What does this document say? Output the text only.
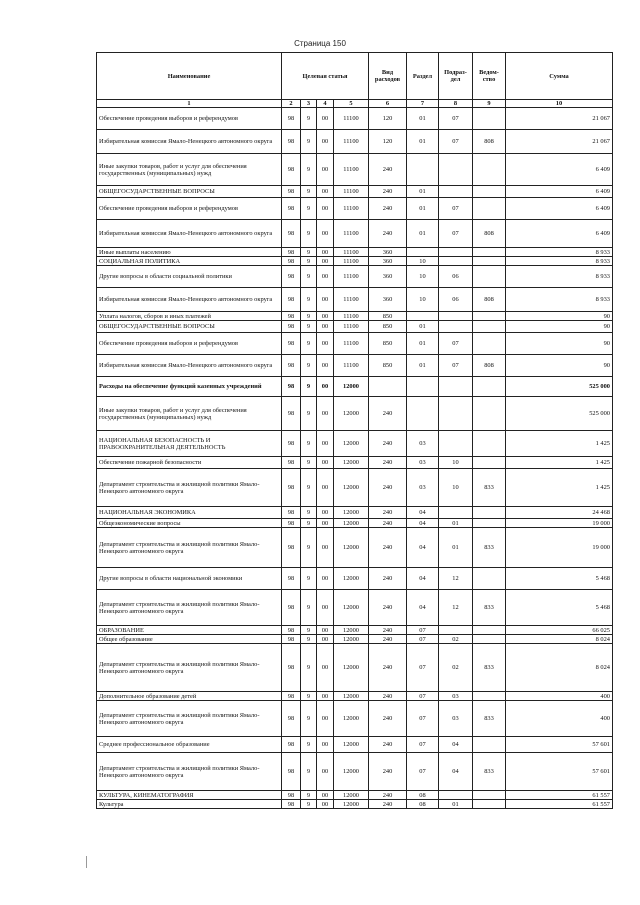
Страница 150
Наименование	Целевая статья				Вид расходов	Раздел	Подраз-дел	Ведом-ство	Сумма
1	2	3	4	5	6	7	8	9	10
Обеспечение проведения выборов и референдумов	98	9	00	11100	120	01	07		21 067
Избирательная комиссия Ямало-Ненецкого автономного округа	98	9	00	11100	120	01	07	808	21 067
Иные закупки товаров, работ и услуг для обеспечения государственных (муниципальных) нужд	98	9	00	11100	240				6 409
ОБЩЕГОСУДАРСТВЕННЫЕ ВОПРОСЫ	98	9	00	11100	240	01			6 409
Обеспечение проведения выборов и референдумов	98	9	00	11100	240	01	07		6 409
Избирательная комиссия Ямало-Ненецкого автономного округа	98	9	00	11100	240	01	07	808	6 409
Иные выплаты населению	98	9	00	11100	360				8 933
СОЦИАЛЬНАЯ ПОЛИТИКА	98	9	00	11100	360	10			8 933
Другие вопросы в области социальной политики	98	9	00	11100	360	10	06		8 933
Избирательная комиссия Ямало-Ненецкого автономного округа	98	9	00	11100	360	10	06	808	8 933
Уплата налогов, сборов и иных платежей	98	9	00	11100	850				90
ОБЩЕГОСУДАРСТВЕННЫЕ ВОПРОСЫ	98	9	00	11100	850	01			90
Обеспечение проведения выборов и референдумов	98	9	00	11100	850	01	07		90
Избирательная комиссия Ямало-Ненецкого автономного округа	98	9	00	11100	850	01	07	808	90
Расходы на обеспечение функций казенных учреждений	98	9	00	12000					525 000
Иные закупки товаров, работ и услуг для обеспечения государственных (муниципальных) нужд	98	9	00	12000	240				525 000
НАЦИОНАЛЬНАЯ БЕЗОПАСНОСТЬ И ПРАВООХРАНИТЕЛЬНАЯ ДЕЯТЕЛЬНОСТЬ	98	9	00	12000	240	03			1 425
Обеспечение пожарной безопасности	98	9	00	12000	240	03	10		1 425
Департамент строительства и жилищной политики Ямало-Ненецкого автономного округа	98	9	00	12000	240	03	10	833	1 425
НАЦИОНАЛЬНАЯ ЭКОНОМИКА	98	9	00	12000	240	04			24 468
Общеэкономические вопросы	98	9	00	12000	240	04	01		19 000
Департамент строительства и жилищной политики Ямало-Ненецкого автономного округа	98	9	00	12000	240	04	01	833	19 000
Другие вопросы в области национальной экономики	98	9	00	12000	240	04	12		5 468
Департамент строительства и жилищной политики Ямало-Ненецкого автономного округа	98	9	00	12000	240	04	12	833	5 468
ОБРАЗОВАНИЕ	98	9	00	12000	240	07			66 025
Общее образование	98	9	00	12000	240	07	02		8 024
Департамент строительства и жилищной политики Ямало-Ненецкого автономного округа	98	9	00	12000	240	07	02	833	8 024
Дополнительное образование детей	98	9	00	12000	240	07	03		400
Департамент строительства и жилищной политики Ямало-Ненецкого автономного округа	98	9	00	12000	240	07	03	833	400
Среднее профессиональное образование	98	9	00	12000	240	07	04		57 601
Департамент строительства и жилищной политики Ямало-Ненецкого автономного округа	98	9	00	12000	240	07	04	833	57 601
КУЛЬТУРА, КИНЕМАТОГРАФИЯ	98	9	00	12000	240	08			61 557
Культура	98	9	00	12000	240	08	01		61 557
